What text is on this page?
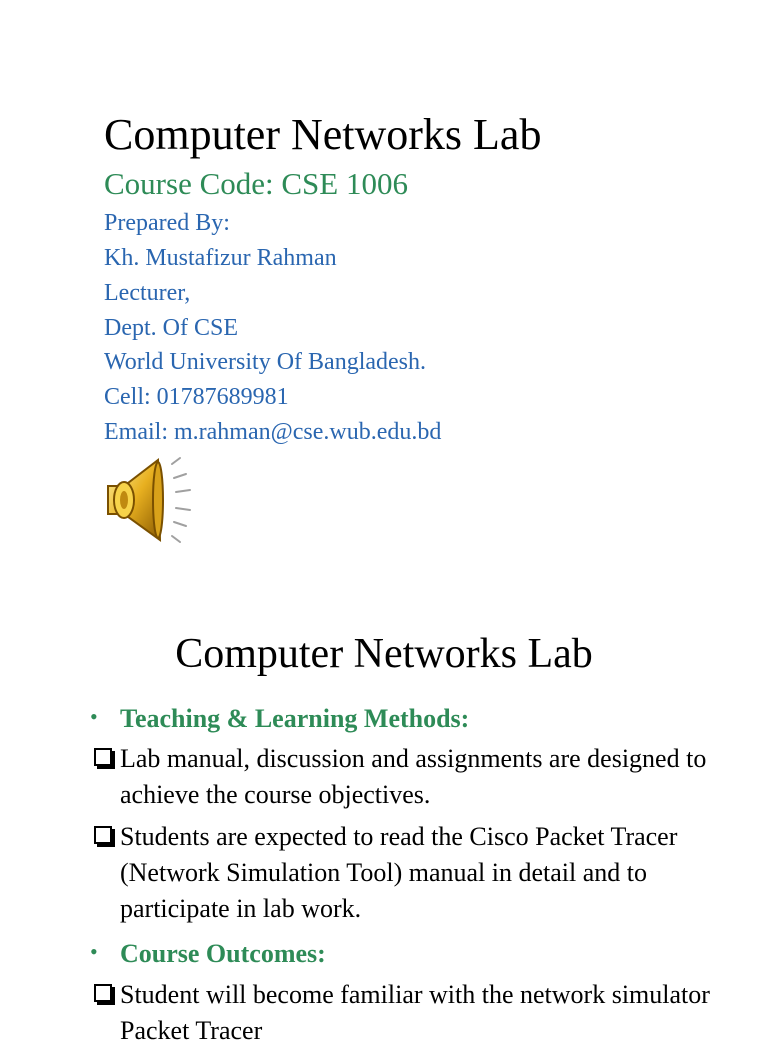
Computer Networks Lab
Course Code: CSE 1006
Prepared By:
Kh. Mustafizur Rahman
Lecturer,
Dept. Of CSE
World University Of Bangladesh.
Cell: 01787689981
Email: m.rahman@cse.wub.edu.bd
Computer Networks Lab
• Teaching & Learning Methods:
Lab manual, discussion and assignments are designed to achieve the course objectives.
Students are expected to read the Cisco Packet Tracer (Network Simulation Tool) manual in detail and to participate in lab work.
• Course Outcomes:
Student will become familiar with the network simulator Packet Tracer
